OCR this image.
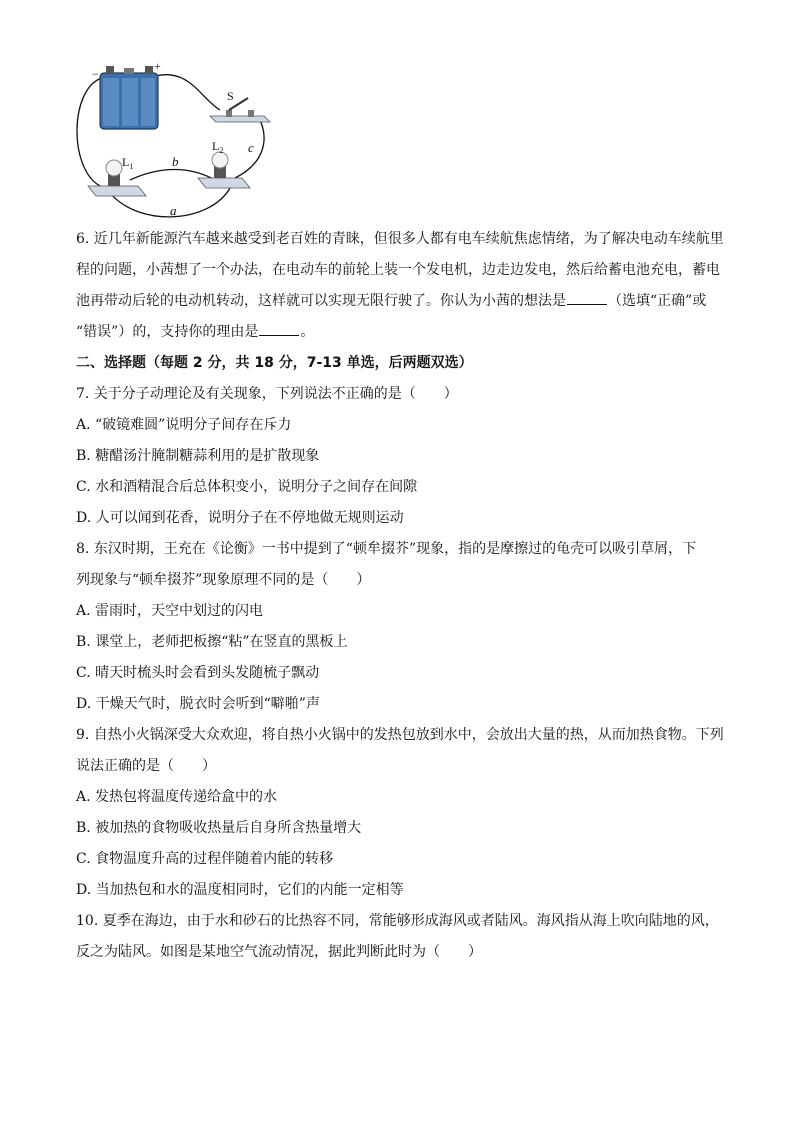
−
+
S
$L_1$
$L_2$
b
c
a
6. 近几年新能源汽车越来越受到老百姓的青睐，但很多人都有电车续航焦虑情绪，为了解决电动车续航里
程的问题，小茜想了一个办法，在电动车的前轮上装一个发电机，边走边发电，然后给蓄电池充电，蓄电
池再带动后轮的电动机转动，这样就可以实现无限行驶了。你认为小茜的想法是	（选填“正确”或
“错误”）的，支持你的理由是	。
二、选择题（每题 2 分，共 18 分，7-13 单选，后两题双选）
7. 关于分子动理论及有关现象，下列说法不正确的是（　　）
A. “破镜难圆”说明分子间存在斥力
B. 糖醋汤汁腌制糖蒜利用的是扩散现象
C. 水和酒精混合后总体积变小，说明分子之间存在间隙
D. 人可以闻到花香，说明分子在不停地做无规则运动
8. 东汉时期，王充在《论衡》一书中提到了“顿牟掇芥”现象，指的是摩擦过的龟壳可以吸引草屑，下
列现象与“顿牟掇芥”现象原理不同的是（　　）
A. 雷雨时，天空中划过的闪电
B. 课堂上，老师把板擦“粘”在竖直的黑板上
C. 晴天时梳头时会看到头发随梳子飘动
D. 干燥天气时，脱衣时会听到“噼啪”声
9. 自热小火锅深受大众欢迎，将自热小火锅中的发热包放到水中，会放出大量的热，从而加热食物。下列
说法正确的是（　　）
A. 发热包将温度传递给盒中的水
B. 被加热的食物吸收热量后自身所含热量增大
C. 食物温度升高的过程伴随着内能的转移
D. 当加热包和水的温度相同时，它们的内能一定相等
10. 夏季在海边，由于水和砂石的比热容不同，常能够形成海风或者陆风。海风指从海上吹向陆地的风，
反之为陆风。如图是某地空气流动情况，据此判断此时为（　　）
